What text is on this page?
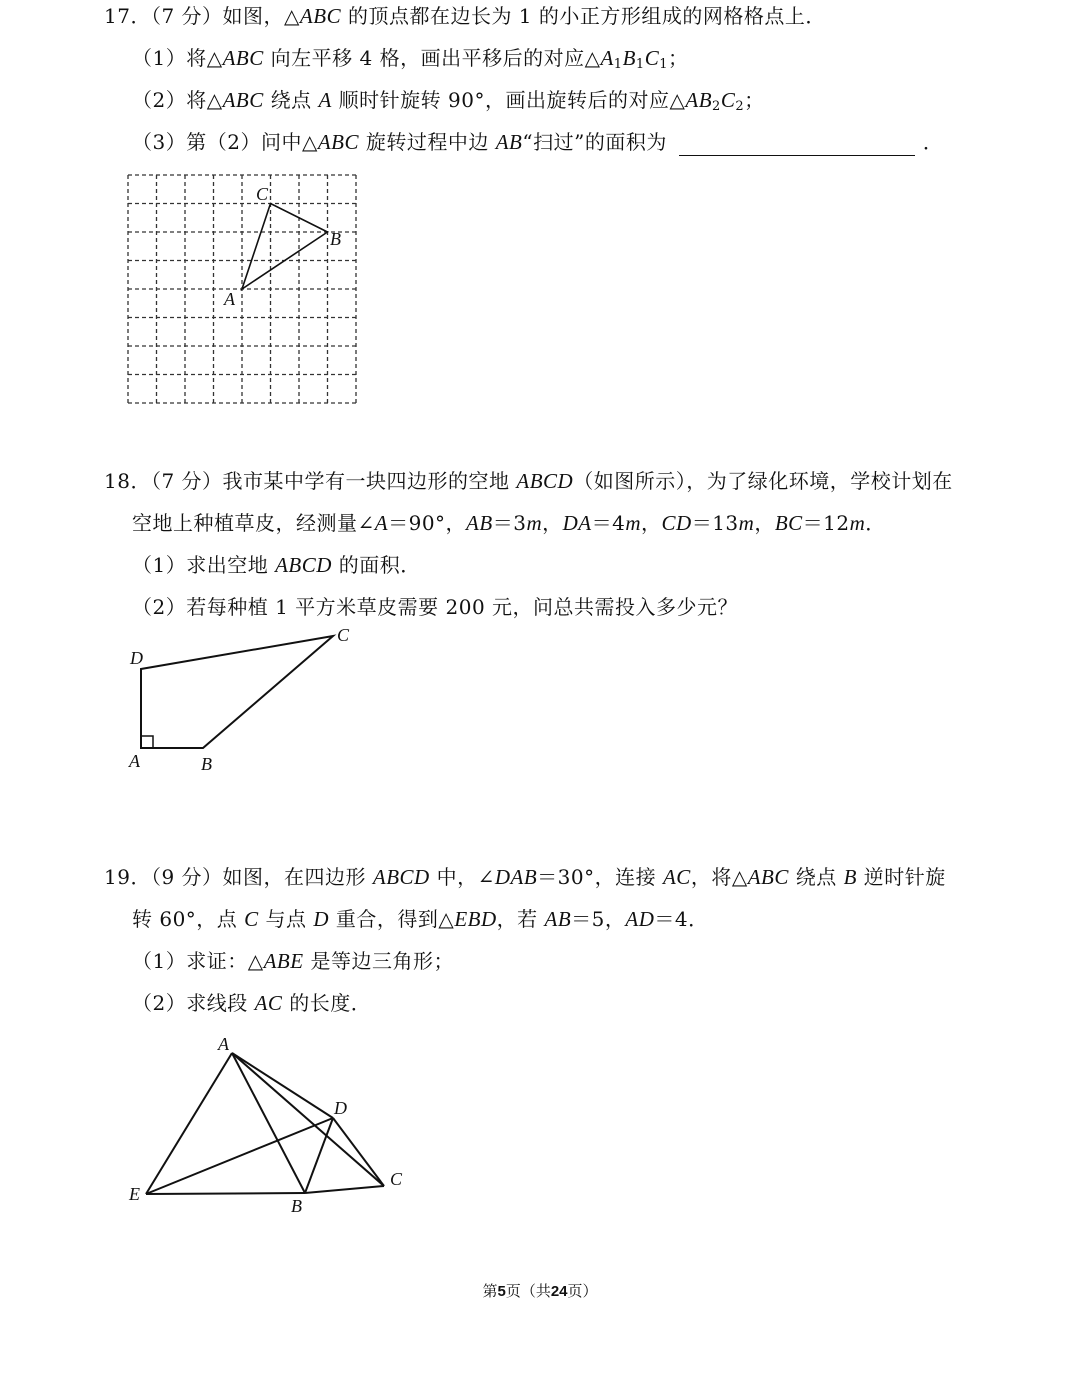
17．（7 分）如图，△ABC 的顶点都在边长为 1 的小正方形组成的网格格点上．
（1）将△ABC 向左平移 4 格，画出平移后的对应$\triangle A_1B_1C_1$；
（2）将△ABC 绕点 A 顺时针旋转 90°，画出旋转后的对应$\triangle AB_2C_2$；
（3）第（2）问中△ABC 旋转过程中边 AB“扫过”的面积为	．
C
B
A
18．（7 分）我市某中学有一块四边形的空地 ABCD（如图所示），为了绿化环境，学校计划在
空地上种植草皮，经测量∠A＝90°，AB＝3m，DA＝4m，CD＝13m，BC＝12m．
（1）求出空地 ABCD 的面积．
（2）若每种植 1 平方米草皮需要 200 元，问总共需投入多少元？
D
C
A	B
19．（9 分）如图，在四边形 ABCD 中，∠DAB＝30°，连接 AC，将△ABC 绕点 B 逆时针旋
转 60°，点 C 与点 D 重合，得到△EBD，若 AB＝5，AD＝4．
（1）求证：△ABE 是等边三角形；
（2）求线段 AC 的长度．
A
D
C
E
B
第5页（共24页）
